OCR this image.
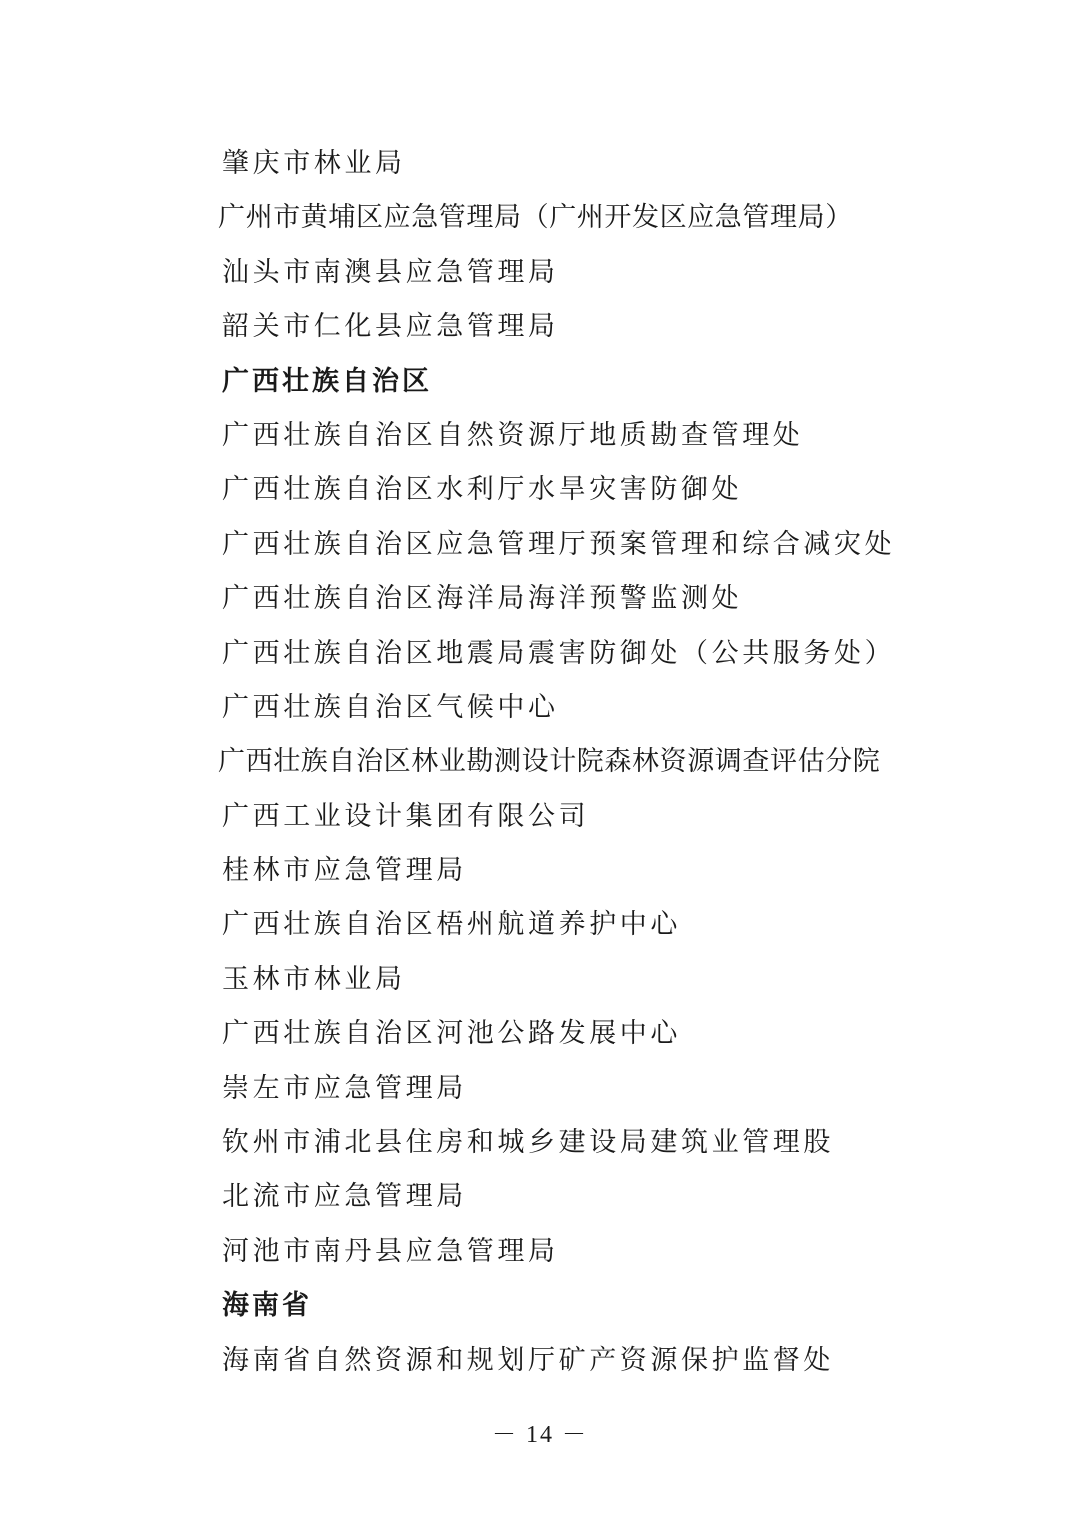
肇庆市林业局
广州市黄埔区应急管理局（广州开发区应急管理局）
汕头市南澳县应急管理局
韶关市仁化县应急管理局
广西壮族自治区
广西壮族自治区自然资源厅地质勘查管理处
广西壮族自治区水利厅水旱灾害防御处
广西壮族自治区应急管理厅预案管理和综合减灾处
广西壮族自治区海洋局海洋预警监测处
广西壮族自治区地震局震害防御处（公共服务处）
广西壮族自治区气候中心
广西壮族自治区林业勘测设计院森林资源调查评估分院
广西工业设计集团有限公司
桂林市应急管理局
广西壮族自治区梧州航道养护中心
玉林市林业局
广西壮族自治区河池公路发展中心
崇左市应急管理局
钦州市浦北县住房和城乡建设局建筑业管理股
北流市应急管理局
河池市南丹县应急管理局
海南省
海南省自然资源和规划厅矿产资源保护监督处
－ 14 －
